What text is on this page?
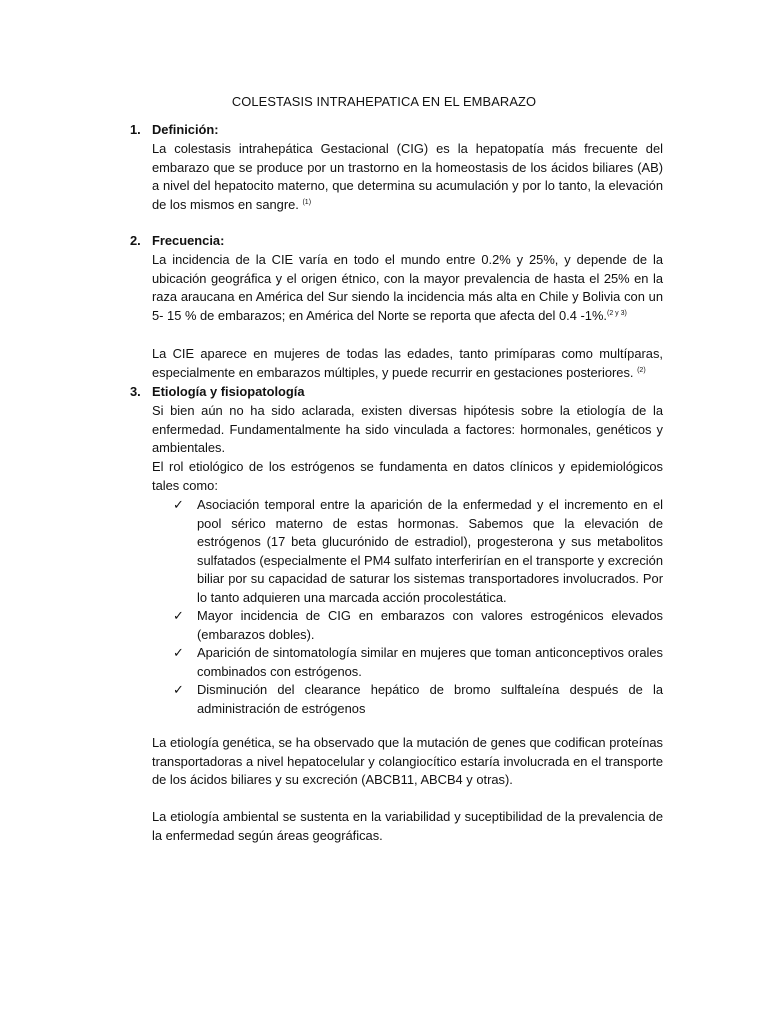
COLESTASIS INTRAHEPATICA EN EL EMBARAZO
1. Definición:

La colestasis intrahepática Gestacional (CIG) es la hepatopatía más frecuente del embarazo que se produce por un trastorno en la homeostasis de los ácidos biliares (AB) a nivel del hepatocito materno, que determina su acumulación y por lo tanto, la elevación de los mismos en sangre. $^{(1)}$

2. Frecuencia:

La incidencia de la CIE varía en todo el mundo entre 0.2% y 25%, y depende de la ubicación geográfica y el origen étnico, con la mayor prevalencia de hasta el 25% en la raza araucana en América del Sur siendo la incidencia más alta en Chile y Bolivia con un 5- 15 % de embarazos; en América del Norte se reporta que afecta del 0.4 -1%.$^{(2 y 3)}$

La CIE aparece en mujeres de todas las edades, tanto primíparas como multíparas, especialmente en embarazos múltiples, y puede recurrir en gestaciones posteriores. $^{(2)}$

3. Etiología y fisiopatología

Si bien aún no ha sido aclarada, existen diversas hipótesis sobre la etiología de la enfermedad. Fundamentalmente ha sido vinculada a factores: hormonales, genéticos y ambientales.

El rol etiológico de los estrógenos se fundamenta en datos clínicos y epidemiológicos tales como:

✓ Asociación temporal entre la aparición de la enfermedad y el incremento en el pool sérico materno de estas hormonas. Sabemos que la elevación de estrógenos (17 beta glucurónido de estradiol), progesterona y sus metabolitos sulfatados (especialmente el PM4 sulfato interferirían en el transporte y excreción biliar por su capacidad de saturar los sistemas transportadores involucrados. Por lo tanto adquieren una marcada acción procolestática.
✓ Mayor incidencia de CIG en embarazos con valores estrogénicos elevados (embarazos dobles).
✓ Aparición de sintomatología similar en mujeres que toman anticonceptivos orales combinados con estrógenos.
✓ Disminución del clearance hepático de bromo sulftaleína después de la administración de estrógenos

La etiología genética, se ha observado que la mutación de genes que codifican proteínas transportadoras a nivel hepatocelular y colangiocítico estaría involucrada en el transporte de los ácidos biliares y su excreción (ABCB11, ABCB4 y otras).

La etiología ambiental se sustenta en la variabilidad y suceptibilidad de la prevalencia de la enfermedad según áreas geográficas.
